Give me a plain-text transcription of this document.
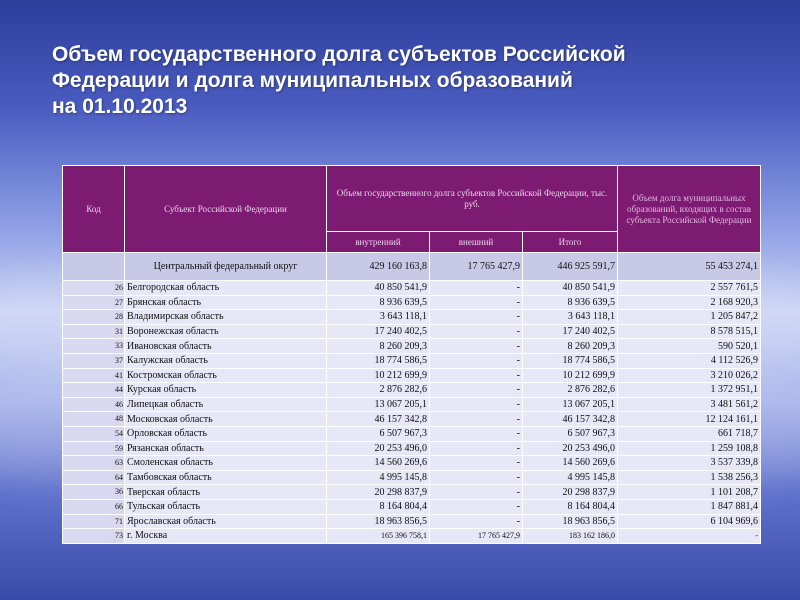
Объем государственного долга субъектов Российской
Федерации и долга муниципальных образований
на 01.10.2013
Код	Субъект Российской Федерации	Объем государственного долга субъектов Российской Федерации, тыс. руб.			Объем долга муниципальных образований, входящих в состав субъекта Российской Федерации
		внутренний	внешний	Итого	
	Центральный федеральный округ	429 160 163,8	17 765 427,9	446 925 591,7	55 453 274,1
26	Белгородская область	40 850 541,9	-	40 850 541,9	2 557 761,5
27	Брянская область	8 936 639,5	-	8 936 639,5	2 168 920,3
28	Владимирская область	3 643 118,1	-	3 643 118,1	1 205 847,2
31	Воронежская область	17 240 402,5	-	17 240 402,5	8 578 515,1
33	Ивановская область	8 260 209,3	-	8 260 209,3	590 520,1
37	Калужская область	18 774 586,5	-	18 774 586,5	4 112 526,9
41	Костромская область	10 212 699,9	-	10 212 699,9	3 210 026,2
44	Курская область	2 876 282,6	-	2 876 282,6	1 372 951,1
46	Липецкая область	13 067 205,1	-	13 067 205,1	3 481 561,2
48	Московская область	46 157 342,8	-	46 157 342,8	12 124 161,1
54	Орловская область	6 507 967,3	-	6 507 967,3	661 718,7
59	Рязанская область	20 253 496,0	-	20 253 496,0	1 259 108,8
63	Смоленская область	14 560 269,6	-	14 560 269,6	3 537 339,8
64	Тамбовская область	4 995 145,8	-	4 995 145,8	1 538 256,3
36	Тверская область	20 298 837,9	-	20 298 837,9	1 101 208,7
66	Тульская область	8 164 804,4	-	8 164 804,4	1 847 881,4
71	Ярославская область	18 963 856,5	-	18 963 856,5	6 104 969,6
73	г. Москва	165 396 758,1	17 765 427,9	183 162 186,0	-
